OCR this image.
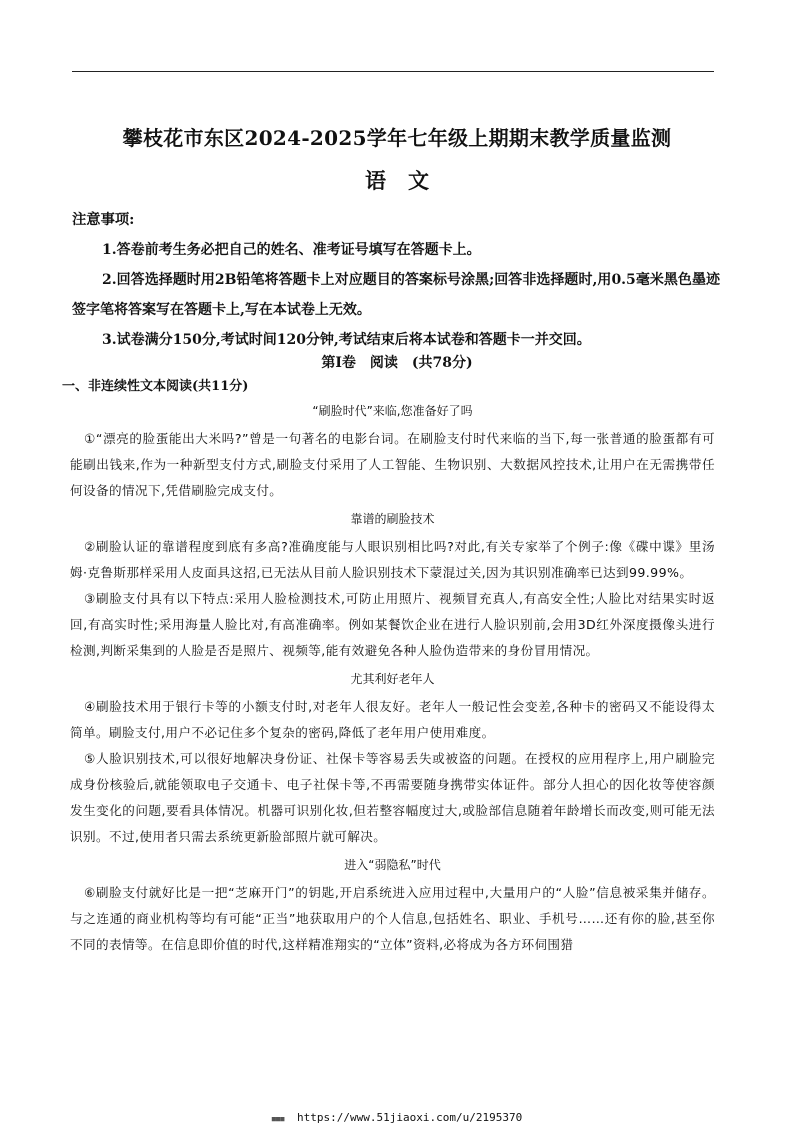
攀枝花市东区2024-2025学年七年级上期期末教学质量监测
语文
注意事项:
1.答卷前考生务必把自己的姓名、准考证号填写在答题卡上。
2.回答选择题时用2B铅笔将答题卡上对应题目的答案标号涂黑;回答非选择题时,用0.5毫米黑色墨迹签字笔将答案写在答题卡上,写在本试卷上无效。
3.试卷满分150分,考试时间120分钟,考试结束后将本试卷和答题卡一并交回。
第Ⅰ卷　阅读　(共78分)
一、非连续性文本阅读(共11分)
“刷脸时代”来临,您准备好了吗

①“漂亮的脸蛋能出大米吗?”曾是一句著名的电影台词。在刷脸支付时代来临的当下,每一张普通的脸蛋都有可能刷出钱来,作为一种新型支付方式,刷脸支付采用了人工智能、生物识别、大数据风控技术,让用户在无需携带任何设备的情况下,凭借刷脸完成支付。

靠谱的刷脸技术

②刷脸认证的靠谱程度到底有多高?准确度能与人眼识别相比吗?对此,有关专家举了个例子:像《碟中谍》里汤姆·克鲁斯那样采用人皮面具这招,已无法从目前人脸识别技术下蒙混过关,因为其识别准确率已达到99.99%。

③刷脸支付具有以下特点:采用人脸检测技术,可防止用照片、视频冒充真人,有高安全性;人脸比对结果实时返回,有高实时性;采用海量人脸比对,有高准确率。例如某餐饮企业在进行人脸识别前,会用3D红外深度摄像头进行检测,判断采集到的人脸是否是照片、视频等,能有效避免各种人脸伪造带来的身份冒用情况。

尤其利好老年人

④刷脸技术用于银行卡等的小额支付时,对老年人很友好。老年人一般记性会变差,各种卡的密码又不能设得太简单。刷脸支付,用户不必记住多个复杂的密码,降低了老年用户使用难度。

⑤人脸识别技术,可以很好地解决身份证、社保卡等容易丢失或被盗的问题。在授权的应用程序上,用户刷脸完成身份核验后,就能领取电子交通卡、电子社保卡等,不再需要随身携带实体证件。部分人担心的因化妆等使容颜发生变化的问题,要看具体情况。机器可识别化妆,但若整容幅度过大,或脸部信息随着年龄增长而改变,则可能无法识别。不过,使用者只需去系统更新脸部照片就可解决。

进入“弱隐私”时代

⑥刷脸支付就好比是一把“芝麻开门”的钥匙,开启系统进入应用过程中,大量用户的“人脸”信息被采集并储存。与之连通的商业机构等均有可能“正当”地获取用户的个人信息,包括姓名、职业、手机号……还有你的脸,甚至你不同的表情等。在信息即价值的时代,这样精准翔实的“立体”资料,必将成为各方环伺围猎

■■■ https://www.51jiaoxi.com/u/2195370
